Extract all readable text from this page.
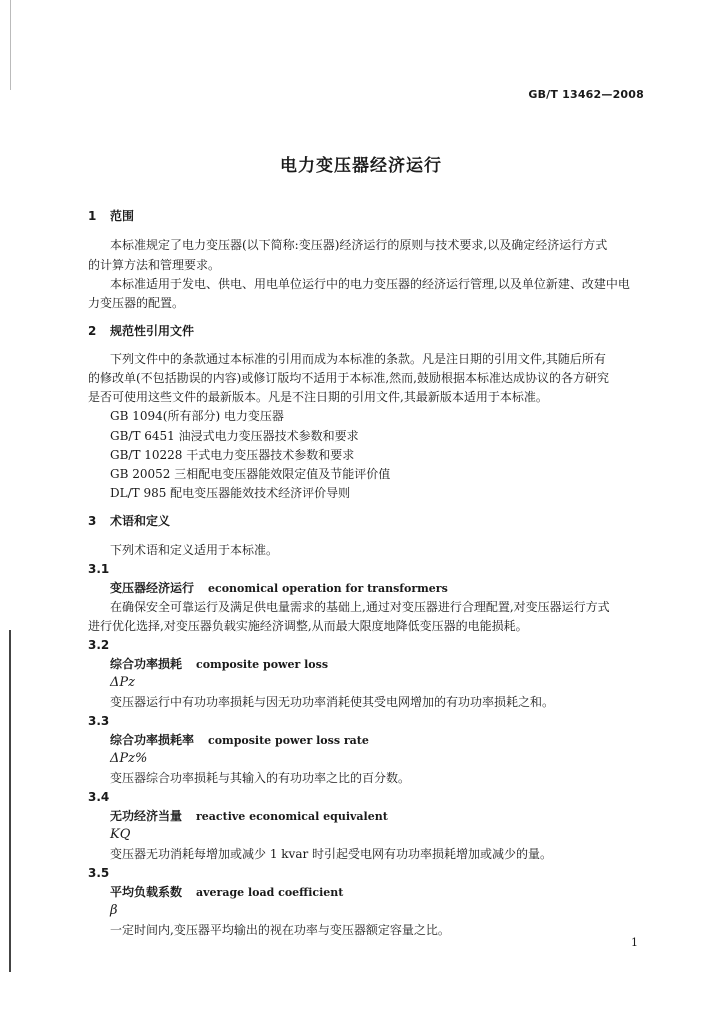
GB/T 13462—2008
电力变压器经济运行
1 范围
本标准规定了电力变压器(以下简称:变压器)经济运行的原则与技术要求,以及确定经济运行方式
的计算方法和管理要求。
本标准适用于发电、供电、用电单位运行中的电力变压器的经济运行管理,以及单位新建、改建中电
力变压器的配置。
2 规范性引用文件
下列文件中的条款通过本标准的引用而成为本标准的条款。凡是注日期的引用文件,其随后所有
的修改单(不包括勘误的内容)或修订版均不适用于本标准,然而,鼓励根据本标准达成协议的各方研究
是否可使用这些文件的最新版本。凡是不注日期的引用文件,其最新版本适用于本标准。
GB 1094(所有部分) 电力变压器
GB/T 6451 油浸式电力变压器技术参数和要求
GB/T 10228 干式电力变压器技术参数和要求
GB 20052 三相配电变压器能效限定值及节能评价值
DL/T 985 配电变压器能效技术经济评价导则
3 术语和定义
下列术语和定义适用于本标准。
3.1
变压器经济运行 economical operation for transformers
在确保安全可靠运行及满足供电量需求的基础上,通过对变压器进行合理配置,对变压器运行方式
进行优化选择,对变压器负载实施经济调整,从而最大限度地降低变压器的电能损耗。
3.2
综合功率损耗 composite power loss
ΔPz
变压器运行中有功功率损耗与因无功功率消耗使其受电网增加的有功功率损耗之和。
3.3
综合功率损耗率 composite power loss rate
ΔPz%
变压器综合功率损耗与其输入的有功功率之比的百分数。
3.4
无功经济当量 reactive economical equivalent
KQ
变压器无功消耗每增加或减少 1 kvar 时引起受电网有功功率损耗增加或减少的量。
3.5
平均负载系数 average load coefficient
β
一定时间内,变压器平均输出的视在功率与变压器额定容量之比。
1
